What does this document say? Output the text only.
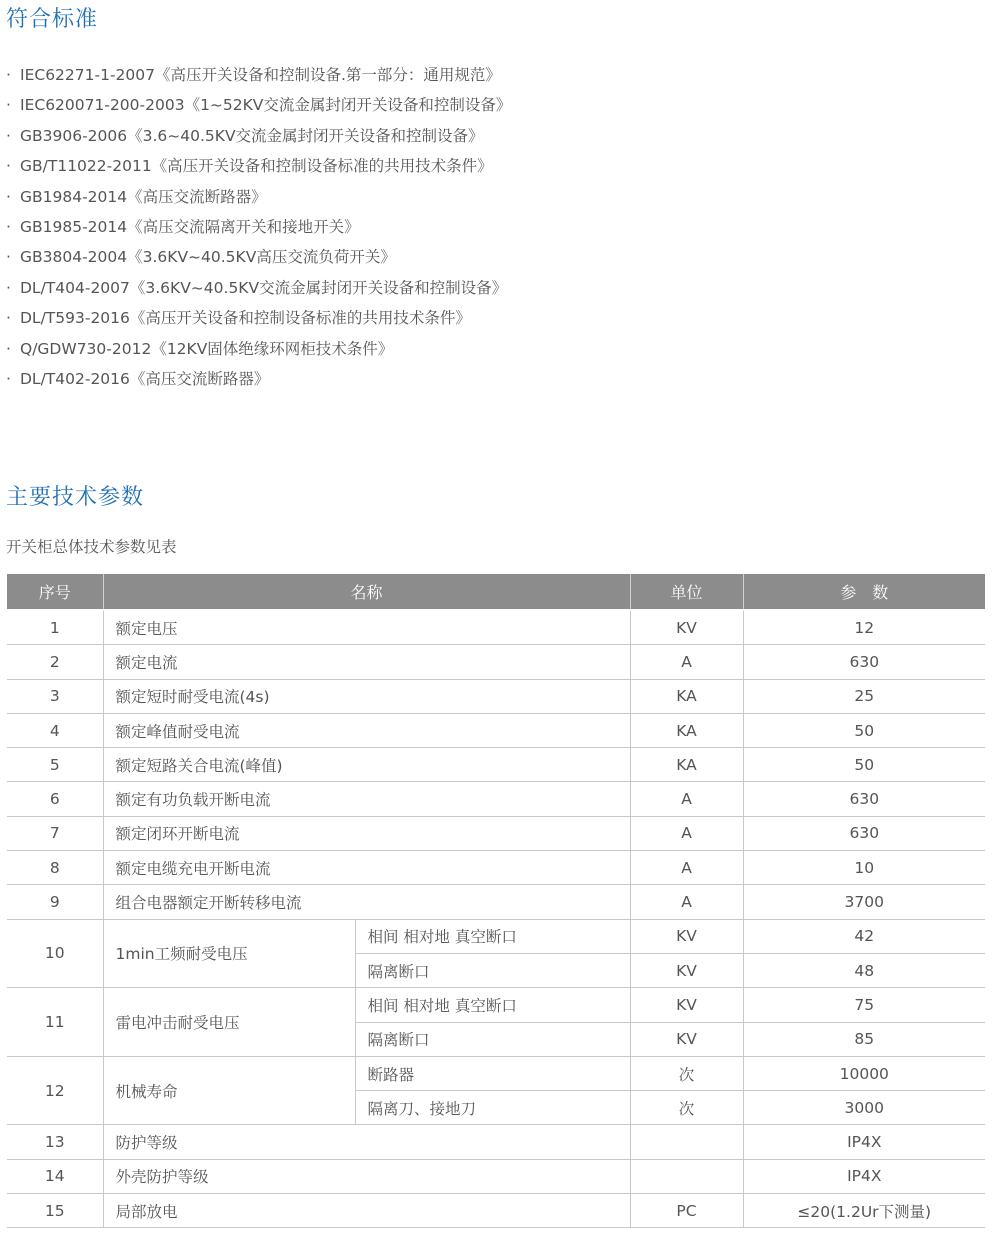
符合标准
· IEC62271-1-2007《高压开关设备和控制设备.第一部分：通用规范》
· IEC620071-200-2003《1~52KV交流金属封闭开关设备和控制设备》
· GB3906-2006《3.6~40.5KV交流金属封闭开关设备和控制设备》
· GB/T11022-2011《高压开关设备和控制设备标准的共用技术条件》
· GB1984-2014《高压交流断路器》
· GB1985-2014《高压交流隔离开关和接地开关》
· GB3804-2004《3.6KV~40.5KV高压交流负荷开关》
· DL/T404-2007《3.6KV~40.5KV交流金属封闭开关设备和控制设备》
· DL/T593-2016《高压开关设备和控制设备标准的共用技术条件》
· Q/GDW730-2012《12KV固体绝缘环网柜技术条件》
· DL/T402-2016《高压交流断路器》
主要技术参数
开关柜总体技术参数见表
序号	名称		单位	参　数

1	额定电压		KV	12
2	额定电流		A	630
3	额定短时耐受电流(4s)		KA	25
4	额定峰值耐受电流		KA	50
5	额定短路关合电流(峰值)		KA	50
6	额定有功负载开断电流		A	630
7	额定闭环开断电流		A	630
8	额定电缆充电开断电流		A	10
9	组合电器额定开断转移电流		A	3700
10	1min工频耐受电压	相间 相对地 真空断口	KV	42
		隔离断口	KV	48
11	雷电冲击耐受电压	相间 相对地 真空断口	KV	75
		隔离断口	KV	85
12	机械寿命	断路器	次	10000
		隔离刀、接地刀	次	3000
13	防护等级			IP4X
14	外壳防护等级			IP4X
15	局部放电		PC	≤20(1.2Ur下测量)
